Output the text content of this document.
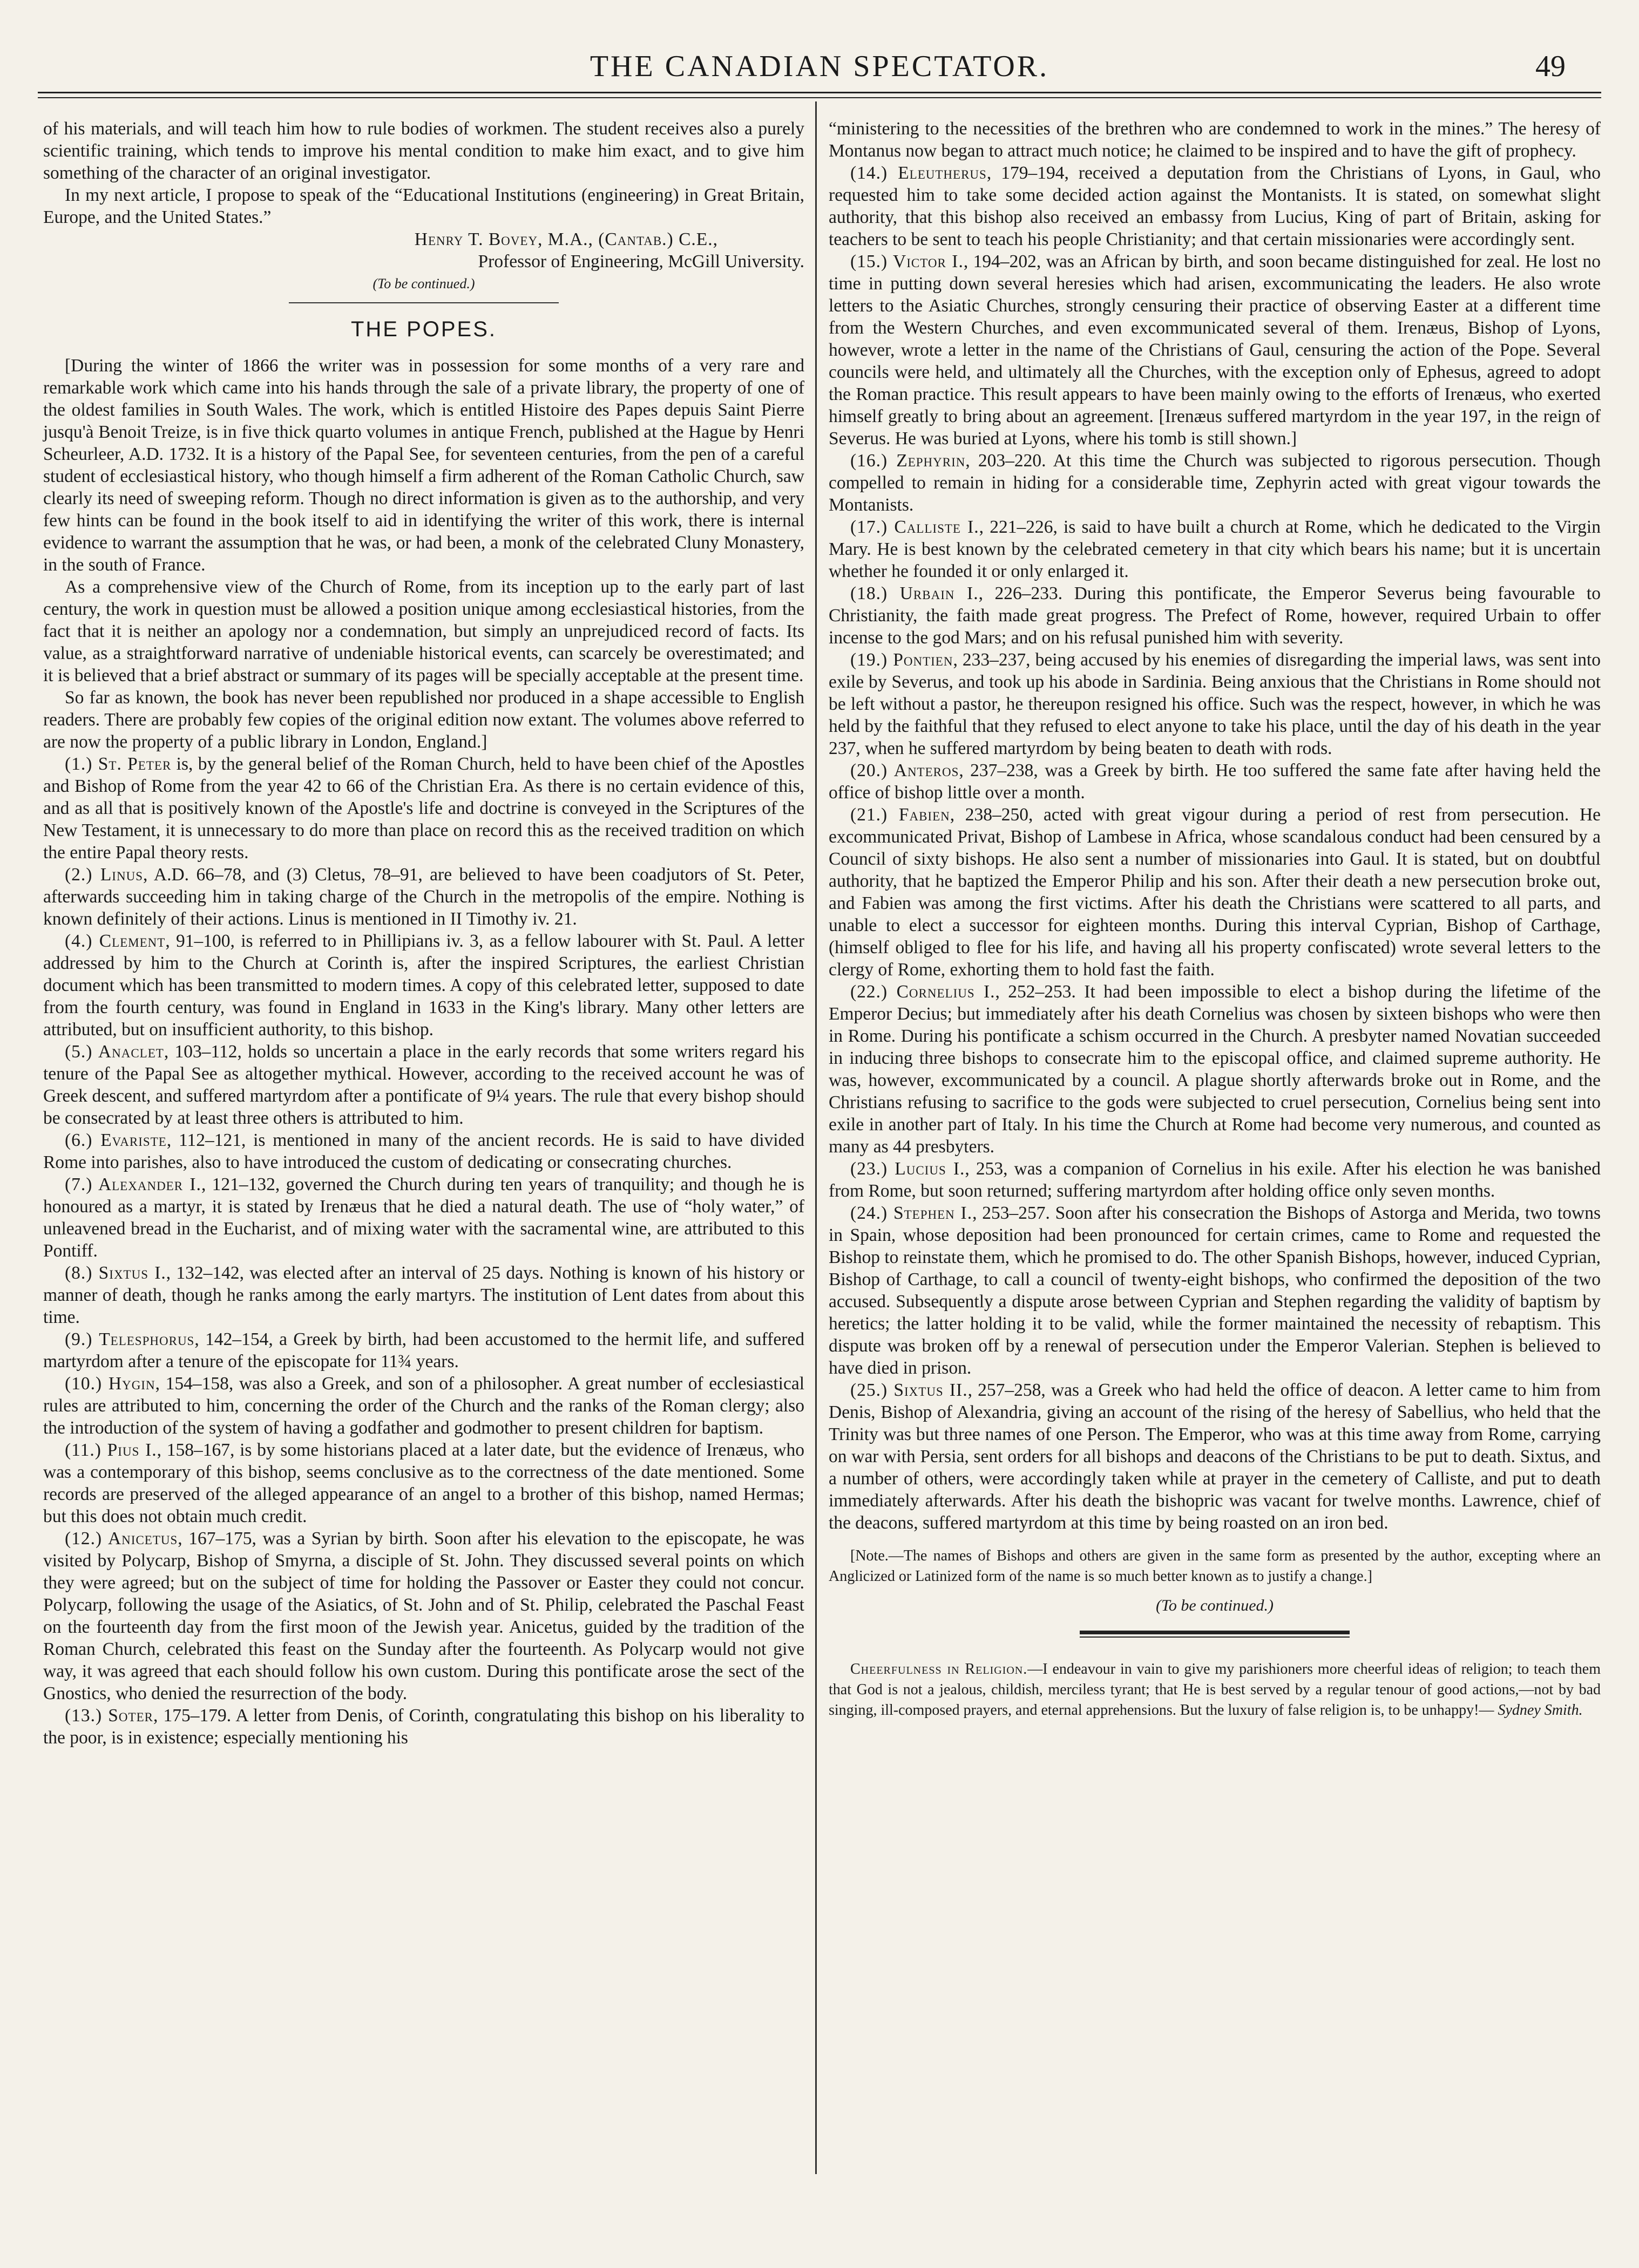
THE CANADIAN SPECTATOR.	49

of his materials, and will teach him how to rule bodies of workmen. The student receives also a purely scientific training, which tends to improve his mental condition to make him exact, and to give him something of the character of an original investigator.

In my next article, I propose to speak of the “Educational Institutions (engineering) in Great Britain, Europe, and the United States.”

Henry T. Bovey, M.A., (Cantab.) C.E.,

Professor of Engineering, McGill University.

(To be continued.)

THE POPES.

[During the winter of 1866 the writer was in possession for some months of a very rare and remarkable work which came into his hands through the sale of a private library, the property of one of the oldest families in South Wales. The work, which is entitled Histoire des Papes depuis Saint Pierre jusqu'à Benoit Treize, is in five thick quarto volumes in antique French, published at the Hague by Henri Scheurleer, A.D. 1732. It is a history of the Papal See, for seventeen centuries, from the pen of a careful student of ecclesiastical history, who though himself a firm adherent of the Roman Catholic Church, saw clearly its need of sweeping reform. Though no direct information is given as to the authorship, and very few hints can be found in the book itself to aid in identifying the writer of this work, there is internal evidence to warrant the assumption that he was, or had been, a monk of the celebrated Cluny Monastery, in the south of France.

As a comprehensive view of the Church of Rome, from its inception up to the early part of last century, the work in question must be allowed a position unique among ecclesiastical histories, from the fact that it is neither an apology nor a condemnation, but simply an unprejudiced record of facts. Its value, as a straightforward narrative of undeniable historical events, can scarcely be overestimated; and it is believed that a brief abstract or summary of its pages will be specially acceptable at the present time.

So far as known, the book has never been republished nor produced in a shape accessible to English readers. There are probably few copies of the original edition now extant. The volumes above referred to are now the property of a public library in London, England.]

(1.) St. Peter is, by the general belief of the Roman Church, held to have been chief of the Apostles and Bishop of Rome from the year 42 to 66 of the Christian Era. As there is no certain evidence of this, and as all that is positively known of the Apostle's life and doctrine is conveyed in the Scriptures of the New Testament, it is unnecessary to do more than place on record this as the received tradition on which the entire Papal theory rests.

(2.) Linus, A.D. 66–78, and (3) Cletus, 78–91, are believed to have been coadjutors of St. Peter, afterwards succeeding him in taking charge of the Church in the metropolis of the empire. Nothing is known definitely of their actions. Linus is mentioned in II Timothy iv. 21.

(4.) Clement, 91–100, is referred to in Phillipians iv. 3, as a fellow labourer with St. Paul. A letter addressed by him to the Church at Corinth is, after the inspired Scriptures, the earliest Christian document which has been transmitted to modern times. A copy of this celebrated letter, supposed to date from the fourth century, was found in England in 1633 in the King's library. Many other letters are attributed, but on insufficient authority, to this bishop.

(5.) Anaclet, 103–112, holds so uncertain a place in the early records that some writers regard his tenure of the Papal See as altogether mythical. However, according to the received account he was of Greek descent, and suffered martyrdom after a pontificate of 9¼ years. The rule that every bishop should be consecrated by at least three others is attributed to him.

(6.) Evariste, 112–121, is mentioned in many of the ancient records. He is said to have divided Rome into parishes, also to have introduced the custom of dedicating or consecrating churches.

(7.) Alexander I., 121–132, governed the Church during ten years of tranquility; and though he is honoured as a martyr, it is stated by Irenæus that he died a natural death. The use of “holy water,” of unleavened bread in the Eucharist, and of mixing water with the sacramental wine, are attributed to this Pontiff.

(8.) Sixtus I., 132–142, was elected after an interval of 25 days. Nothing is known of his history or manner of death, though he ranks among the early martyrs. The institution of Lent dates from about this time.

(9.) Telesphorus, 142–154, a Greek by birth, had been accustomed to the hermit life, and suffered martyrdom after a tenure of the episcopate for 11¾ years.

(10.) Hygin, 154–158, was also a Greek, and son of a philosopher. A great number of ecclesiastical rules are attributed to him, concerning the order of the Church and the ranks of the Roman clergy; also the introduction of the system of having a godfather and godmother to present children for baptism.

(11.) Pius I., 158–167, is by some historians placed at a later date, but the evidence of Irenæus, who was a contemporary of this bishop, seems conclusive as to the correctness of the date mentioned. Some records are preserved of the alleged appearance of an angel to a brother of this bishop, named Hermas; but this does not obtain much credit.

(12.) Anicetus, 167–175, was a Syrian by birth. Soon after his elevation to the episcopate, he was visited by Polycarp, Bishop of Smyrna, a disciple of St. John. They discussed several points on which they were agreed; but on the subject of time for holding the Passover or Easter they could not concur. Polycarp, following the usage of the Asiatics, of St. John and of St. Philip, celebrated the Paschal Feast on the fourteenth day from the first moon of the Jewish year. Anicetus, guided by the tradition of the Roman Church, celebrated this feast on the Sunday after the fourteenth. As Polycarp would not give way, it was agreed that each should follow his own custom. During this pontificate arose the sect of the Gnostics, who denied the resurrection of the body.

(13.) Soter, 175–179. A letter from Denis, of Corinth, congratulating this bishop on his liberality to the poor, is in existence; especially mentioning his

“ministering to the necessities of the brethren who are condemned to work in the mines.” The heresy of Montanus now began to attract much notice; he claimed to be inspired and to have the gift of prophecy.

(14.) Eleutherus, 179–194, received a deputation from the Christians of Lyons, in Gaul, who requested him to take some decided action against the Montanists. It is stated, on somewhat slight authority, that this bishop also received an embassy from Lucius, King of part of Britain, asking for teachers to be sent to teach his people Christianity; and that certain missionaries were accordingly sent.

(15.) Victor I., 194–202, was an African by birth, and soon became distinguished for zeal. He lost no time in putting down several heresies which had arisen, excommunicating the leaders. He also wrote letters to the Asiatic Churches, strongly censuring their practice of observing Easter at a different time from the Western Churches, and even excommunicated several of them. Irenæus, Bishop of Lyons, however, wrote a letter in the name of the Christians of Gaul, censuring the action of the Pope. Several councils were held, and ultimately all the Churches, with the exception only of Ephesus, agreed to adopt the Roman practice. This result appears to have been mainly owing to the efforts of Irenæus, who exerted himself greatly to bring about an agreement. [Irenæus suffered martyrdom in the year 197, in the reign of Severus. He was buried at Lyons, where his tomb is still shown.]

(16.) Zephyrin, 203–220. At this time the Church was subjected to rigorous persecution. Though compelled to remain in hiding for a considerable time, Zephyrin acted with great vigour towards the Montanists.

(17.) Calliste I., 221–226, is said to have built a church at Rome, which he dedicated to the Virgin Mary. He is best known by the celebrated cemetery in that city which bears his name; but it is uncertain whether he founded it or only enlarged it.

(18.) Urbain I., 226–233. During this pontificate, the Emperor Severus being favourable to Christianity, the faith made great progress. The Prefect of Rome, however, required Urbain to offer incense to the god Mars; and on his refusal punished him with severity.

(19.) Pontien, 233–237, being accused by his enemies of disregarding the imperial laws, was sent into exile by Severus, and took up his abode in Sardinia. Being anxious that the Christians in Rome should not be left without a pastor, he thereupon resigned his office. Such was the respect, however, in which he was held by the faithful that they refused to elect anyone to take his place, until the day of his death in the year 237, when he suffered martyrdom by being beaten to death with rods.

(20.) Anteros, 237–238, was a Greek by birth. He too suffered the same fate after having held the office of bishop little over a month.

(21.) Fabien, 238–250, acted with great vigour during a period of rest from persecution. He excommunicated Privat, Bishop of Lambese in Africa, whose scandalous conduct had been censured by a Council of sixty bishops. He also sent a number of missionaries into Gaul. It is stated, but on doubtful authority, that he baptized the Emperor Philip and his son. After their death a new persecution broke out, and Fabien was among the first victims. After his death the Christians were scattered to all parts, and unable to elect a successor for eighteen months. During this interval Cyprian, Bishop of Carthage, (himself obliged to flee for his life, and having all his property confiscated) wrote several letters to the clergy of Rome, exhorting them to hold fast the faith.

(22.) Cornelius I., 252–253. It had been impossible to elect a bishop during the lifetime of the Emperor Decius; but immediately after his death Cornelius was chosen by sixteen bishops who were then in Rome. During his pontificate a schism occurred in the Church. A presbyter named Novatian succeeded in inducing three bishops to consecrate him to the episcopal office, and claimed supreme authority. He was, however, excommunicated by a council. A plague shortly afterwards broke out in Rome, and the Christians refusing to sacrifice to the gods were subjected to cruel persecution, Cornelius being sent into exile in another part of Italy. In his time the Church at Rome had become very numerous, and counted as many as 44 presbyters.

(23.) Lucius I., 253, was a companion of Cornelius in his exile. After his election he was banished from Rome, but soon returned; suffering martyrdom after holding office only seven months.

(24.) Stephen I., 253–257. Soon after his consecration the Bishops of Astorga and Merida, two towns in Spain, whose deposition had been pronounced for certain crimes, came to Rome and requested the Bishop to reinstate them, which he promised to do. The other Spanish Bishops, however, induced Cyprian, Bishop of Carthage, to call a council of twenty-eight bishops, who confirmed the deposition of the two accused. Subsequently a dispute arose between Cyprian and Stephen regarding the validity of baptism by heretics; the latter holding it to be valid, while the former maintained the necessity of rebaptism. This dispute was broken off by a renewal of persecution under the Emperor Valerian. Stephen is believed to have died in prison.

(25.) Sixtus II., 257–258, was a Greek who had held the office of deacon. A letter came to him from Denis, Bishop of Alexandria, giving an account of the rising of the heresy of Sabellius, who held that the Trinity was but three names of one Person. The Emperor, who was at this time away from Rome, carrying on war with Persia, sent orders for all bishops and deacons of the Christians to be put to death. Sixtus, and a number of others, were accordingly taken while at prayer in the cemetery of Calliste, and put to death immediately afterwards. After his death the bishopric was vacant for twelve months. Lawrence, chief of the deacons, suffered martyrdom at this time by being roasted on an iron bed.

[Note.—The names of Bishops and others are given in the same form as presented by the author, excepting where an Anglicized or Latinized form of the name is so much better known as to justify a change.]

(To be continued.)

Cheerfulness in Religion.—I endeavour in vain to give my parishioners more cheerful ideas of religion; to teach them that God is not a jealous, childish, merciless tyrant; that He is best served by a regular tenour of good actions,—not by bad singing, ill-composed prayers, and eternal apprehensions. But the luxury of false religion is, to be unhappy!— Sydney Smith.
